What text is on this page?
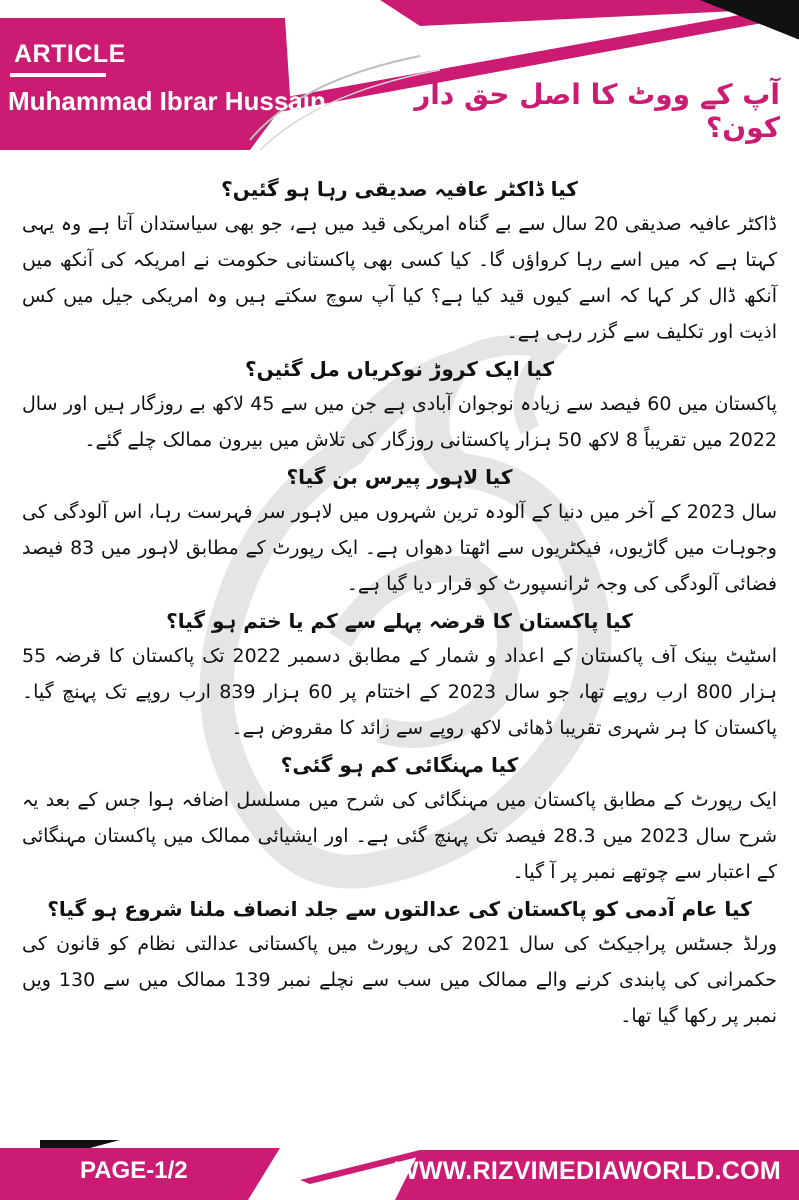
ARTICLE
Muhammad Ibrar Hussain	آپ کے ووٹ کا اصل حق دار کون؟
کیا ڈاکٹر عافیہ صدیقی رہا ہو گئیں؟
ڈاکٹر عافیہ صدیقی 20 سال سے بے گناہ امریکی قید میں ہے، جو بھی سیاستدان آتا ہے وہ یہی کہتا ہے کہ میں اسے رہا کرواؤں گا۔ کیا کسی بھی پاکستانی حکومت نے امریکہ کی آنکھ میں آنکھ ڈال کر کہا کہ اسے کیوں قید کیا ہے؟ کیا آپ سوچ سکتے ہیں وہ امریکی جیل میں کس اذیت اور تکلیف سے گزر رہی ہے۔
کیا ایک کروڑ نوکریاں مل گئیں؟
پاکستان میں 60 فیصد سے زیادہ نوجوان آبادی ہے جن میں سے 45 لاکھ بے روزگار ہیں اور سال 2022 میں تقریباً 8 لاکھ 50 ہزار پاکستانی روزگار کی تلاش میں بیرون ممالک چلے گئے۔
کیا لاہور پیرس بن گیا؟
سال 2023 کے آخر میں دنیا کے آلودہ ترین شہروں میں لاہور سر فہرست رہا، اس آلودگی کی وجوہات میں گاڑیوں، فیکٹریوں سے اٹھتا دھواں ہے۔ ایک رپورٹ کے مطابق لاہور میں 83 فیصد فضائی آلودگی کی وجہ ٹرانسپورٹ کو قرار دیا گیا ہے۔
کیا پاکستان کا قرضہ پہلے سے کم یا ختم ہو گیا؟
اسٹیٹ بینک آف پاکستان کے اعداد و شمار کے مطابق دسمبر 2022 تک پاکستان کا قرضہ 55 ہزار 800 ارب روپے تھا، جو سال 2023 کے اختتام پر 60 ہزار 839 ارب روپے تک پہنچ گیا۔ پاکستان کا ہر شہری تقریبا ڈھائی لاکھ روپے سے زائد کا مقروض ہے۔
کیا مہنگائی کم ہو گئی؟
ایک رپورٹ کے مطابق پاکستان میں مہنگائی کی شرح میں مسلسل اضافہ ہوا جس کے بعد یہ شرح سال 2023 میں 28.3 فیصد تک پہنچ گئی ہے۔ اور ایشیائی ممالک میں پاکستان مہنگائی کے اعتبار سے چوتھے نمبر پر آ گیا۔
کیا عام آدمی کو پاکستان کی عدالتوں سے جلد انصاف ملنا شروع ہو گیا؟
ورلڈ جسٹس پراجیکٹ کی سال 2021 کی رپورٹ میں پاکستانی عدالتی نظام کو قانون کی حکمرانی کی پابندی کرنے والے ممالک میں سب سے نچلے نمبر 139 ممالک میں سے 130 ویں نمبر پر رکھا گیا تھا۔
PAGE-1/2	WWW.RIZVIMEDIAWORLD.COM
